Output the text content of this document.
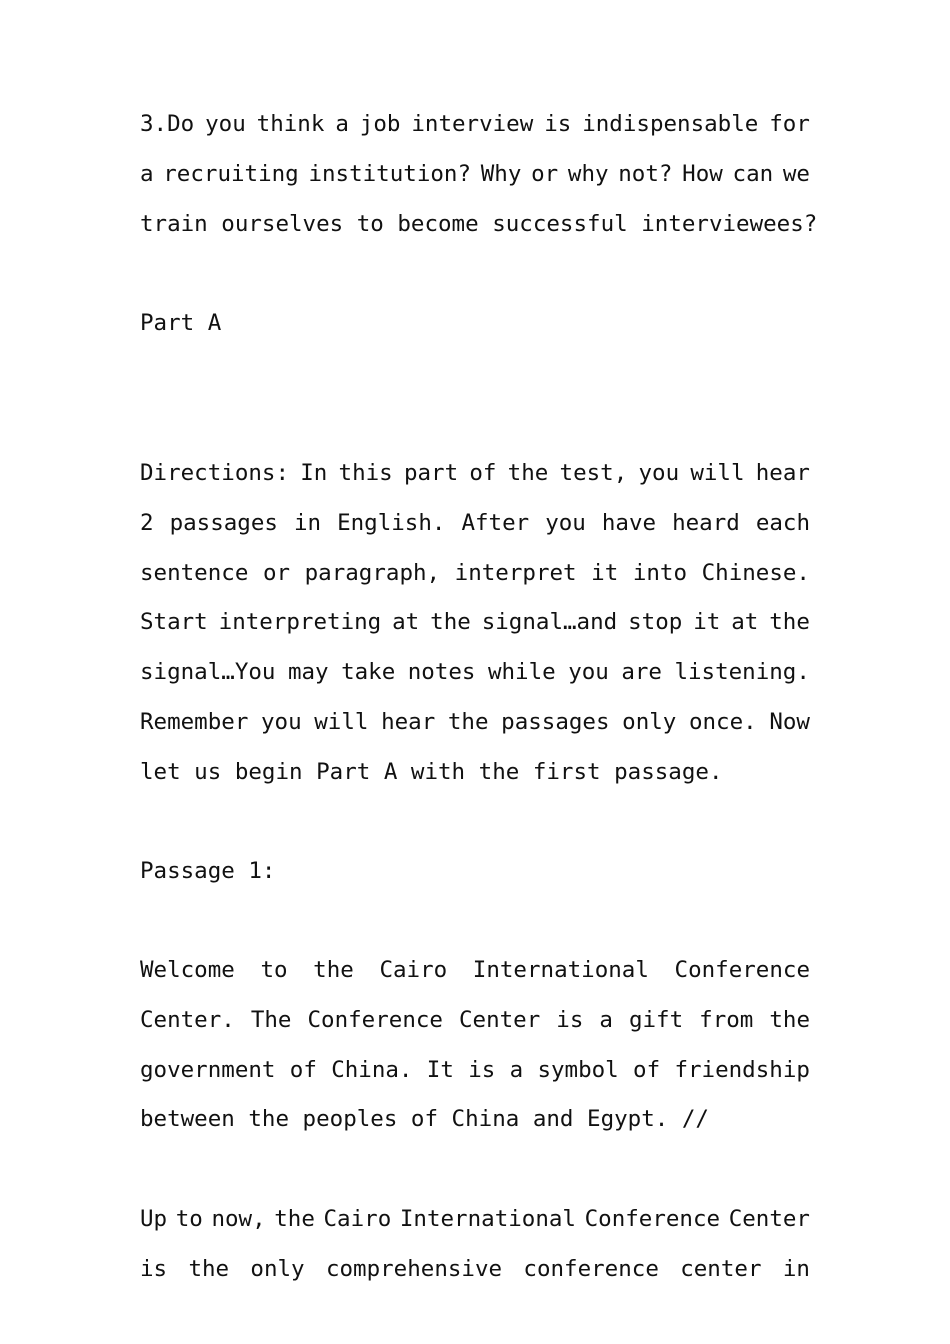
3.Do you think a job interview is indispensable for
a recruiting institution? Why or why not? How can we
train ourselves to become successful interviewees?
Part A
Directions: In this part of the test, you will hear
2 passages in English. After you have heard each
sentence or paragraph, interpret it into Chinese.
Start interpreting at the signal…and stop it at the
signal…You may take notes while you are listening.
Remember you will hear the passages only once. Now
let us begin Part A with the first passage.
Passage 1:
Welcome to the Cairo International Conference
Center. The Conference Center is a gift from the
government of China. It is a symbol of friendship
between the peoples of China and Egypt. //
Up to now, the Cairo International Conference Center
is the only comprehensive conference center in
